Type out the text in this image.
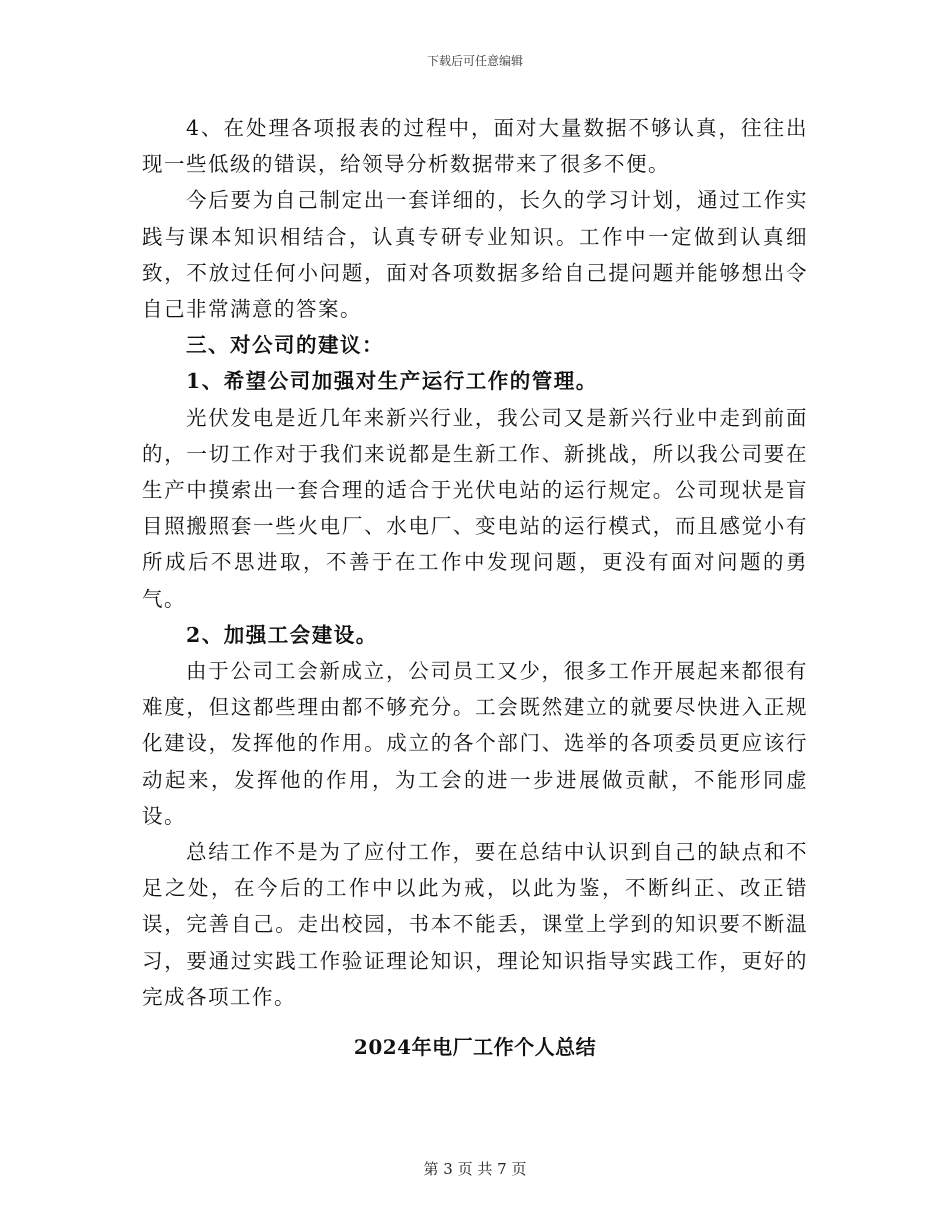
下载后可任意编辑

4、在处理各项报表的过程中，面对大量数据不够认真，往往出现一些低级的错误，给领导分析数据带来了很多不便。

今后要为自己制定出一套详细的，长久的学习计划，通过工作实践与课本知识相结合，认真专研专业知识。工作中一定做到认真细致，不放过任何小问题，面对各项数据多给自己提问题并能够想出令自己非常满意的答案。

三、对公司的建议：

1、希望公司加强对生产运行工作的管理。

光伏发电是近几年来新兴行业，我公司又是新兴行业中走到前面的，一切工作对于我们来说都是生新工作、新挑战，所以我公司要在生产中摸索出一套合理的适合于光伏电站的运行规定。公司现状是盲目照搬照套一些火电厂、水电厂、变电站的运行模式，而且感觉小有所成后不思进取，不善于在工作中发现问题，更没有面对问题的勇气。

2、加强工会建设。

由于公司工会新成立，公司员工又少，很多工作开展起来都很有难度，但这都些理由都不够充分。工会既然建立的就要尽快进入正规化建设，发挥他的作用。成立的各个部门、选举的各项委员更应该行动起来，发挥他的作用，为工会的进一步进展做贡献，不能形同虚设。

总结工作不是为了应付工作，要在总结中认识到自己的缺点和不足之处，在今后的工作中以此为戒，以此为鉴，不断纠正、改正错误，完善自己。走出校园，书本不能丢，课堂上学到的知识要不断温习，要通过实践工作验证理论知识，理论知识指导实践工作，更好的完成各项工作。

2024年电厂工作个人总结

第 3 页 共 7 页
